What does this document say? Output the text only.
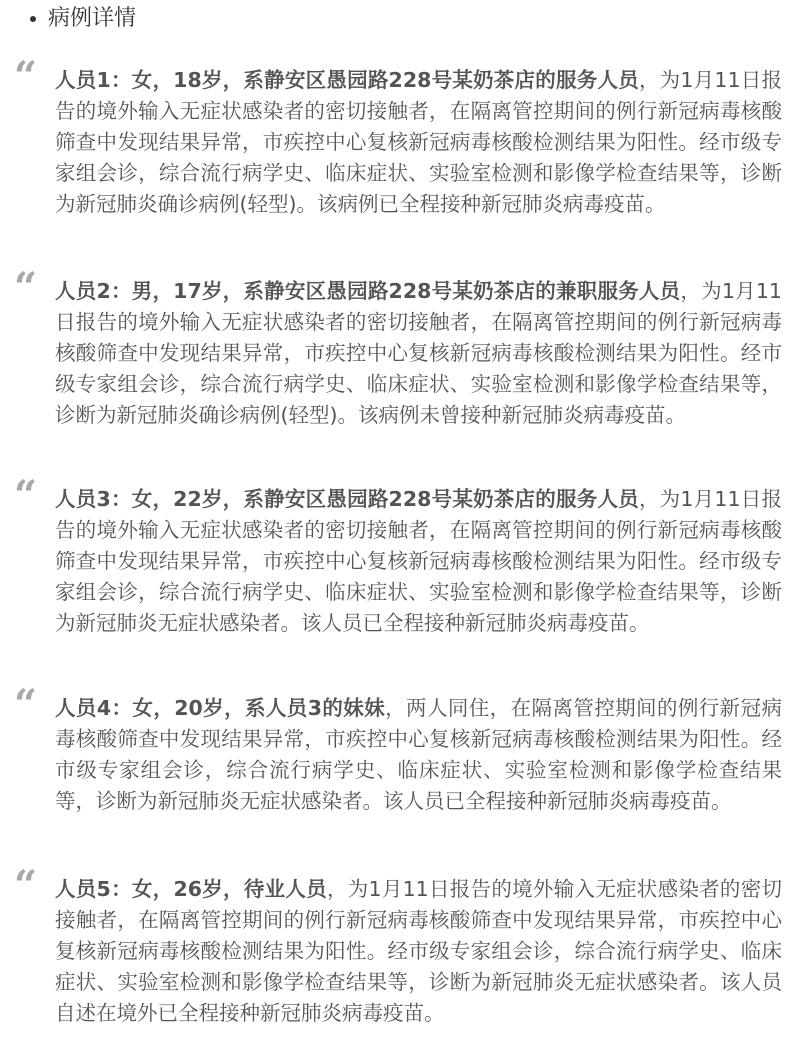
病例详情
“ 人员1：女，18岁，系静安区愚园路228号某奶茶店的服务人员，为1月11日报告的境外输入无症状感染者的密切接触者，在隔离管控期间的例行新冠病毒核酸筛查中发现结果异常，市疾控中心复核新冠病毒核酸检测结果为阳性。经市级专家组会诊，综合流行病学史、临床症状、实验室检测和影像学检查结果等，诊断为新冠肺炎确诊病例(轻型)。该病例已全程接种新冠肺炎病毒疫苗。
“ 人员2：男，17岁，系静安区愚园路228号某奶茶店的兼职服务人员，为1月11日报告的境外输入无症状感染者的密切接触者，在隔离管控期间的例行新冠病毒核酸筛查中发现结果异常，市疾控中心复核新冠病毒核酸检测结果为阳性。经市级专家组会诊，综合流行病学史、临床症状、实验室检测和影像学检查结果等，诊断为新冠肺炎确诊病例(轻型)。该病例未曾接种新冠肺炎病毒疫苗。
“ 人员3：女，22岁，系静安区愚园路228号某奶茶店的服务人员，为1月11日报告的境外输入无症状感染者的密切接触者，在隔离管控期间的例行新冠病毒核酸筛查中发现结果异常，市疾控中心复核新冠病毒核酸检测结果为阳性。经市级专家组会诊，综合流行病学史、临床症状、实验室检测和影像学检查结果等，诊断为新冠肺炎无症状感染者。该人员已全程接种新冠肺炎病毒疫苗。
“ 人员4：女，20岁，系人员3的妹妹，两人同住，在隔离管控期间的例行新冠病毒核酸筛查中发现结果异常，市疾控中心复核新冠病毒核酸检测结果为阳性。经市级专家组会诊，综合流行病学史、临床症状、实验室检测和影像学检查结果等，诊断为新冠肺炎无症状感染者。该人员已全程接种新冠肺炎病毒疫苗。
“ 人员5：女，26岁，待业人员，为1月11日报告的境外输入无症状感染者的密切接触者，在隔离管控期间的例行新冠病毒核酸筛查中发现结果异常，市疾控中心复核新冠病毒核酸检测结果为阳性。经市级专家组会诊，综合流行病学史、临床症状、实验室检测和影像学检查结果等，诊断为新冠肺炎无症状感染者。该人员自述在境外已全程接种新冠肺炎病毒疫苗。
